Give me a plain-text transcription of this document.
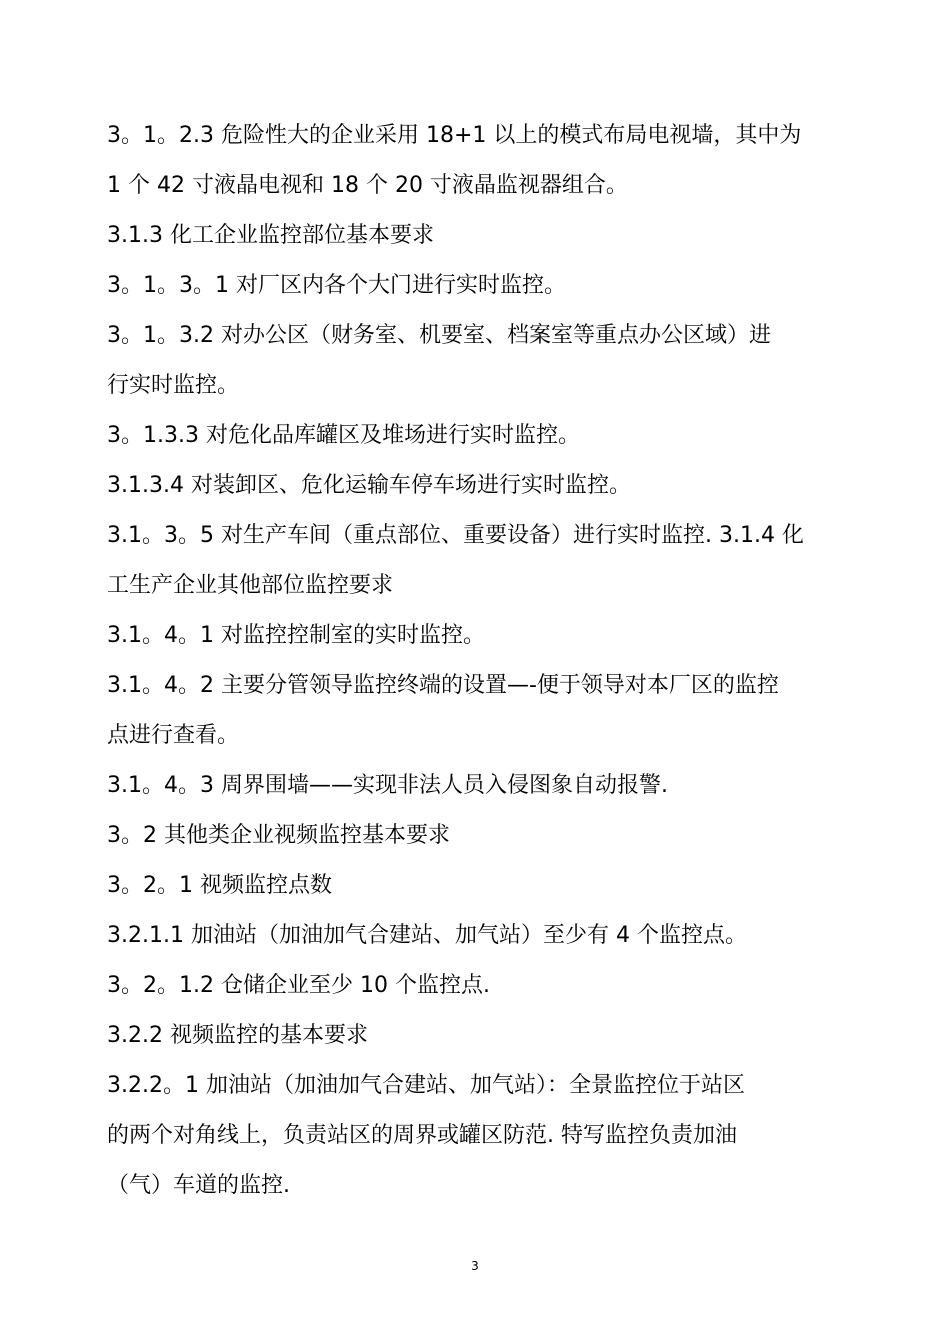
3。1。2.3 危险性大的企业采用 18+1 以上的模式布局电视墙，其中为

1 个 42 寸液晶电视和 18 个 20 寸液晶监视器组合。

3.1.3 化工企业监控部位基本要求

3。1。3。1 对厂区内各个大门进行实时监控。

3。1。3.2 对办公区（财务室、机要室、档案室等重点办公区域）进

行实时监控。

3。1.3.3 对危化品库罐区及堆场进行实时监控。

3.1.3.4 对装卸区、危化运输车停车场进行实时监控。

3.1。3。5 对生产车间（重点部位、重要设备）进行实时监控. 3.1.4 化

工生产企业其他部位监控要求

3.1。4。1 对监控控制室的实时监控。

3.1。4。2 主要分管领导监控终端的设置—-便于领导对本厂区的监控

点进行查看。

3.1。4。3 周界围墙——实现非法人员入侵图象自动报警.

3。2 其他类企业视频监控基本要求

3。2。1 视频监控点数

3.2.1.1 加油站（加油加气合建站、加气站）至少有 4 个监控点。

3。2。1.2 仓储企业至少 10 个监控点.

3.2.2 视频监控的基本要求

3.2.2。1 加油站（加油加气合建站、加气站）：全景监控位于站区

的两个对角线上，负责站区的周界或罐区防范. 特写监控负责加油

（气）车道的监控.

3
